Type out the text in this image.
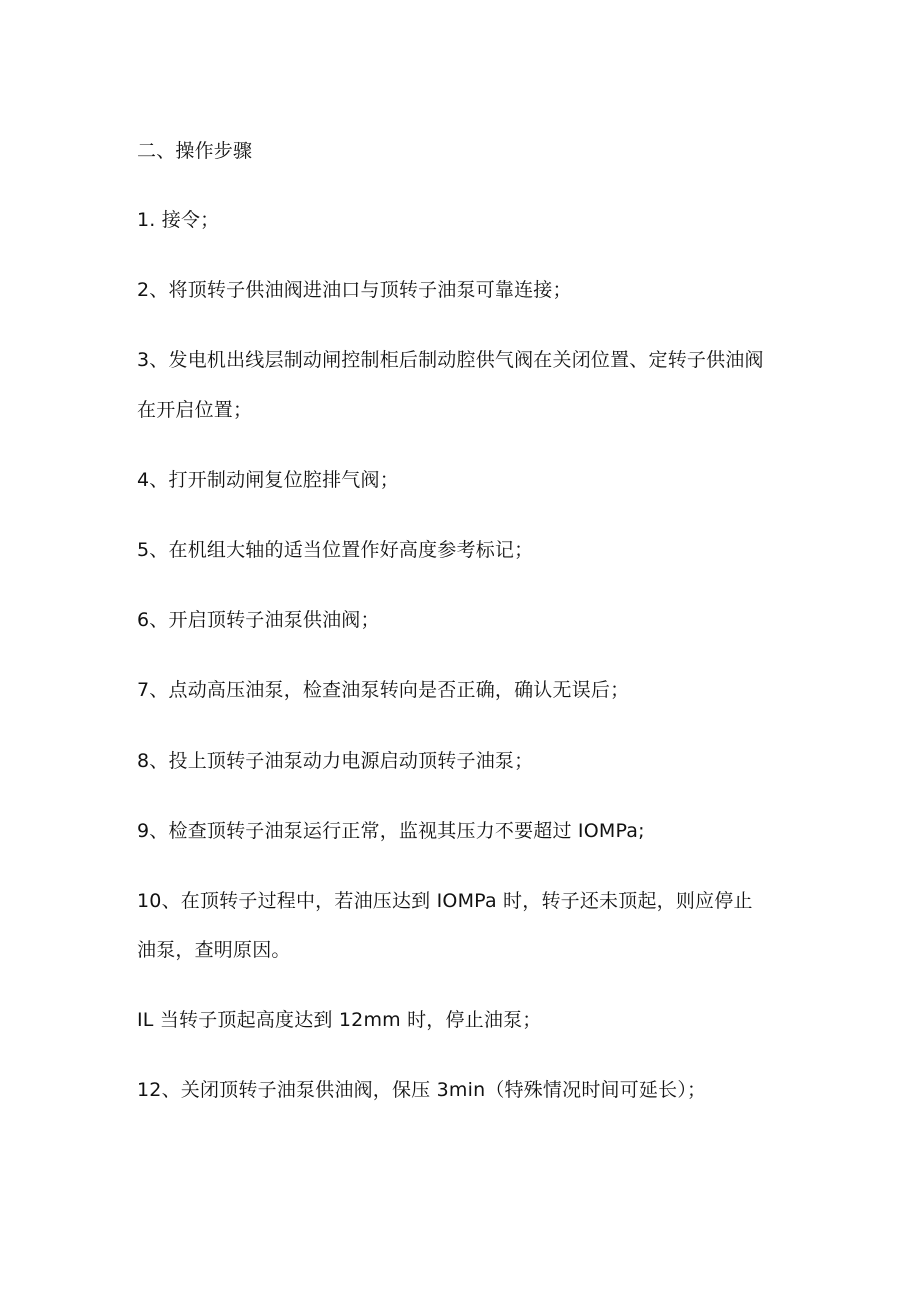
二、操作步骤
1. 接令；
2、将顶转子供油阀进油口与顶转子油泵可靠连接；
3、发电机出线层制动闸控制柜后制动腔供气阀在关闭位置、定转子供油阀
在开启位置；
4、打开制动闸复位腔排气阀；
5、在机组大轴的适当位置作好高度参考标记；
6、开启顶转子油泵供油阀；
7、点动高压油泵，检查油泵转向是否正确，确认无误后；
8、投上顶转子油泵动力电源启动顶转子油泵；
9、检查顶转子油泵运行正常，监视其压力不要超过 IOMPa;
10、在顶转子过程中，若油压达到 IOMPa 时，转子还未顶起，则应停止
油泵，查明原因。
IL 当转子顶起高度达到 12mm 时，停止油泵；
12、关闭顶转子油泵供油阀，保压 3min（特殊情况时间可延长）；
